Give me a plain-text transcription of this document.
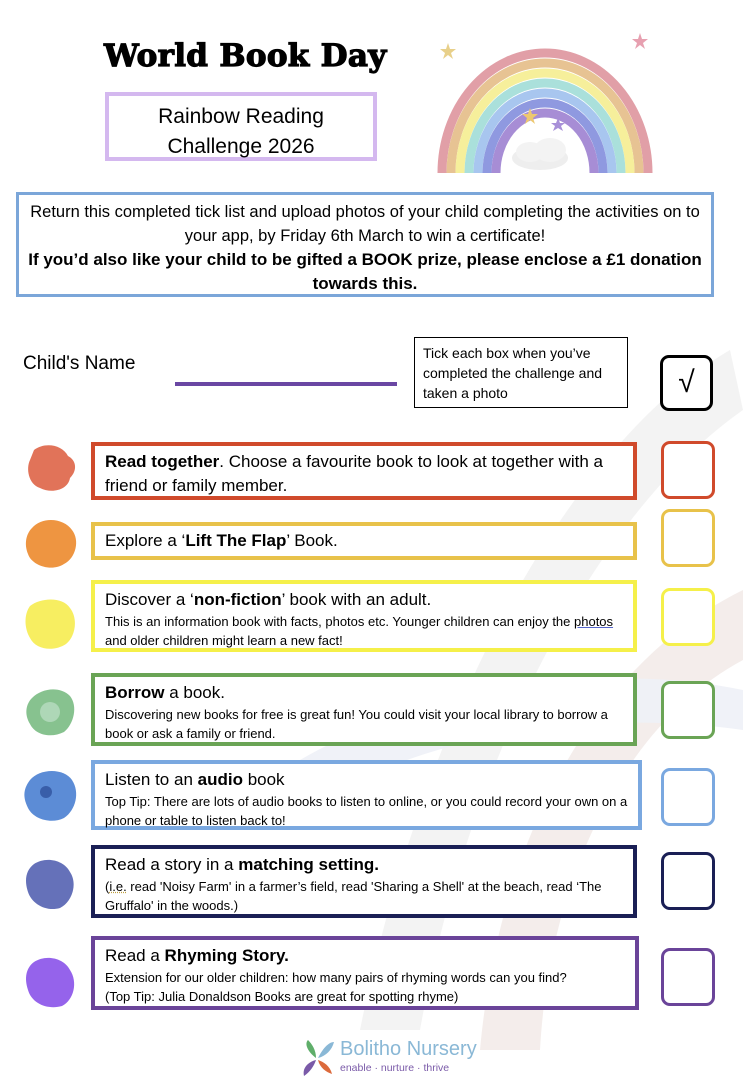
World Book Day
Rainbow Reading
Challenge 2026
Return this completed tick list and upload photos of your child completing the activities on to your app, by Friday 6th March to win a certificate!
If you’d also like your child to be gifted a BOOK prize, please enclose a £1 donation towards this.
Child's Name	Tick each box when you’ve completed the challenge and taken a photo	√
Read together. Choose a favourite book to look at together with a friend or family member.
Explore a ‘Lift The Flap’ Book.
Discover a ‘non-fiction’ book with an adult.
This is an information book with facts, photos etc. Younger children can enjoy the photos and older children might learn a new fact!
Borrow a book.
Discovering new books for free is great fun! You could visit your local library to borrow a book or ask a family or friend.
Listen to an audio book
Top Tip: There are lots of audio books to listen to online, or you could record your own on a phone or table to listen back to!
Read a story in a matching setting.
(i.e. read 'Noisy Farm' in a farmer’s field, read 'Sharing a Shell' at the beach, read ‘The Gruffalo' in the woods.)
Read a Rhyming Story.
Extension for our older children: how many pairs of rhyming words can you find?
(Top Tip: Julia Donaldson Books are great for spotting rhyme)
Bolitho Nursery
enable · nurture · thrive
